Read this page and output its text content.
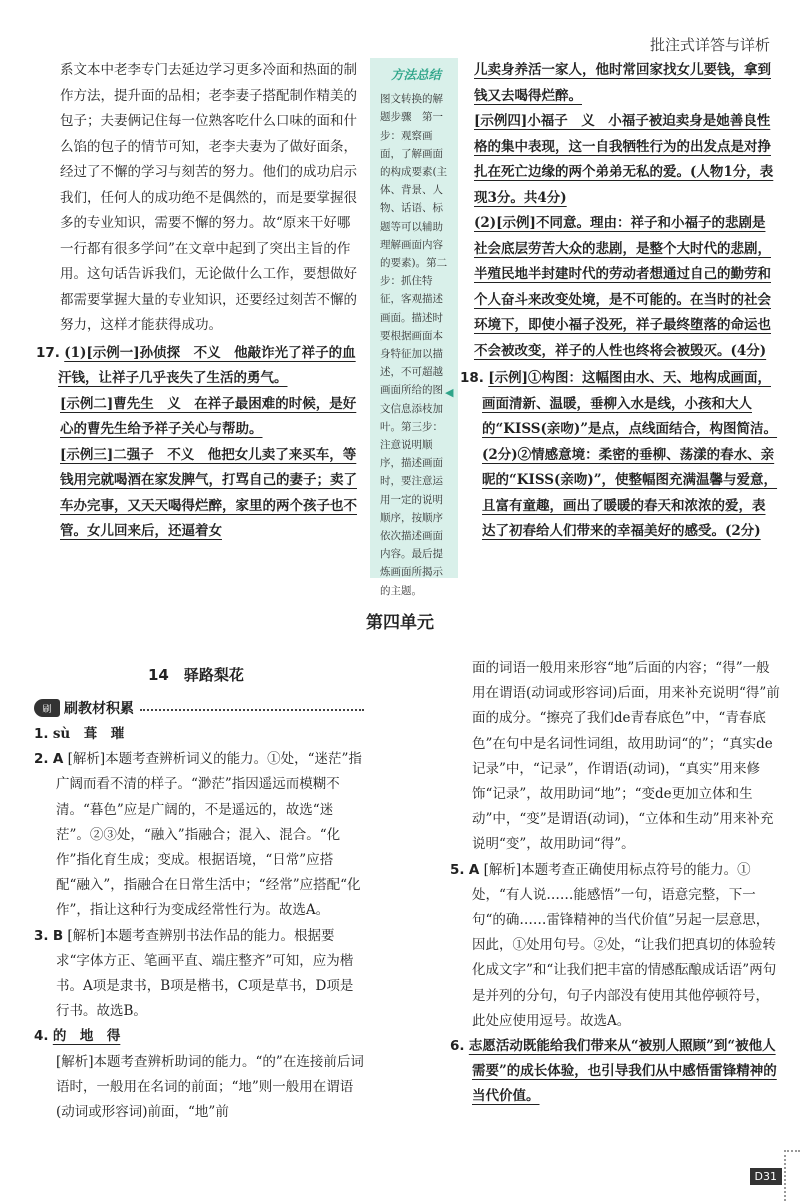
批注式详答与详析

系文本中老李专门去延边学习更多冷面和热面的制作方法，提升面的品相；老李妻子搭配制作精美的包子；夫妻俩记住每一位熟客吃什么口味的面和什么馅的包子的情节可知，老李夫妻为了做好面条，经过了不懈的学习与刻苦的努力。他们的成功启示我们，任何人的成功绝不是偶然的，而是要掌握很多的专业知识，需要不懈的努力。故“原来干好哪一行都有很多学问”在文章中起到了突出主旨的作用。这句话告诉我们，无论做什么工作，要想做好都需要掌握大量的专业知识，还要经过刻苦不懈的努力，这样才能获得成功。

17. (1)[示例一]孙侦探　不义　他敲诈光了祥子的血汗钱，让祥子几乎丧失了生活的勇气。

[示例二]曹先生　义　在祥子最困难的时候，是好心的曹先生给予祥子关心与帮助。

[示例三]二强子　不义　他把女儿卖了来买车，等钱用完就喝酒在家发脾气，打骂自己的妻子；卖了车办完事，又天天喝得烂醉，家里的两个孩子也不管。女儿回来后，还逼着女

方法总结
图文转换的解题步骤　第一步：观察画面，了解画面的构成要素(主体、背景、人物、话语、标题等可以辅助理解画面内容的要素)。第二步：抓住特征，客观描述画面。描述时要根据画面本身特征加以描述，不可超越画面所给的图文信息添枝加叶。第三步：注意说明顺序，描述画面时，要注意运用一定的说明顺序，按顺序依次描述画面内容。最后提炼画面所揭示的主题。
◀

儿卖身养活一家人，他时常回家找女儿要钱，拿到钱又去喝得烂醉。

[示例四]小福子　义　小福子被迫卖身是她善良性格的集中表现，这一自我牺牲行为的出发点是对挣扎在死亡边缘的两个弟弟无私的爱。(人物1分，表现3分。共4分)

(2)[示例]不同意。理由：祥子和小福子的悲剧是社会底层劳苦大众的悲剧，是整个大时代的悲剧，半殖民地半封建时代的劳动者想通过自己的勤劳和个人奋斗来改变处境，是不可能的。在当时的社会环境下，即使小福子没死，祥子最终堕落的命运也不会被改变，祥子的人性也终将会被毁灭。(4分)

18. [示例]①构图：这幅图由水、天、地构成画面，画面清新、温暖，垂柳入水是线，小孩和大人的“KISS(亲吻)”是点，点线面结合，构图简洁。(2分)②情感意境：柔密的垂柳、荡漾的春水、亲昵的“KISS(亲吻)”，使整幅图充满温馨与爱意，且富有童趣，画出了暖暖的春天和浓浓的爱，表达了初春给人们带来的幸福美好的感受。(2分)

第四单元
14　驿路梨花
刷 刷教材积累

1. sù　葺　璀

2. A [解析]本题考查辨析词义的能力。①处，“迷茫”指广阔而看不清的样子。“渺茫”指因遥远而模糊不清。“暮色”应是广阔的，不是遥远的，故选“迷茫”。②③处，“融入”指融合；混入、混合。“化作”指化育生成；变成。根据语境，“日常”应搭配“融入”，指融合在日常生活中；“经常”应搭配“化作”，指让这种行为变成经常性行为。故选A。

3. B [解析]本题考查辨别书法作品的能力。根据要求“字体方正、笔画平直、端庄整齐”可知，应为楷书。A项是隶书，B项是楷书，C项是草书，D项是行书。故选B。

4. 的　地　得

[解析]本题考查辨析助词的能力。“的”在连接前后词语时，一般用在名词的前面；“地”则一般用在谓语(动词或形容词)前面，“地”前

面的词语一般用来形容“地”后面的内容；“得”一般用在谓语(动词或形容词)后面，用来补充说明“得”前面的成分。“擦亮了我们de青春底色”中，“青春底色”在句中是名词性词组，故用助词“的”；“真实de记录”中，“记录”，作谓语(动词)，“真实”用来修饰“记录”，故用助词“地”；“变de更加立体和生动”中，“变”是谓语(动词)，“立体和生动”用来补充说明“变”，故用助词“得”。

5. A [解析]本题考查正确使用标点符号的能力。①处，“有人说……能感悟”一句，语意完整，下一句“的确……雷锋精神的当代价值”另起一层意思，因此，①处用句号。②处，“让我们把真切的体验转化成文字”和“让我们把丰富的情感酝酿成话语”两句是并列的分句，句子内部没有使用其他停顿符号，此处应使用逗号。故选A。

6. 志愿活动既能给我们带来从“被别人照顾”到“被他人需要”的成长体验，也引导我们从中感悟雷锋精神的当代价值。

D31
